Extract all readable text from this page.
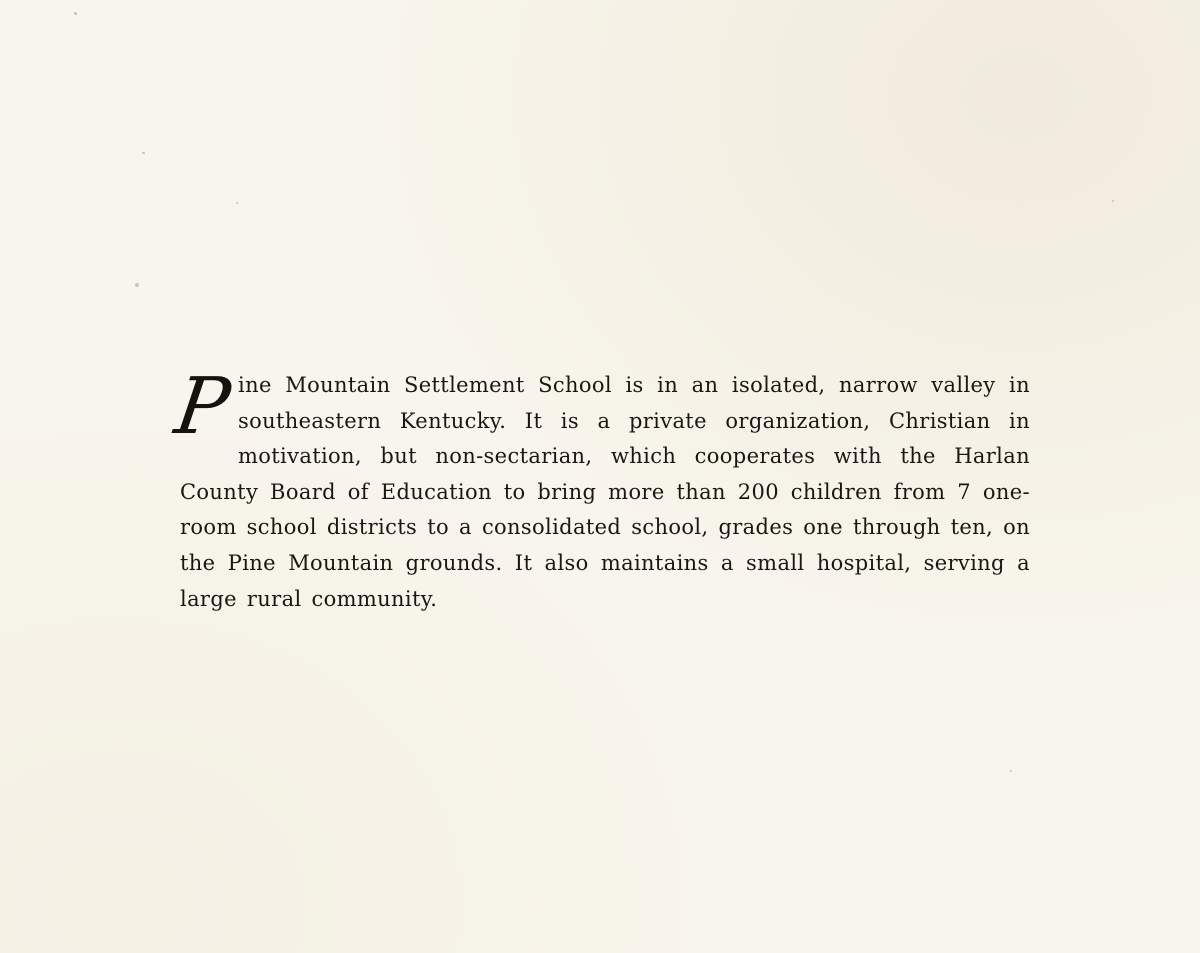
P ine Mountain Settlement School is in an isolated, narrow valley in southeastern Kentucky. It is a private organization, Christian in motivation, but non-sectarian, which cooperates with the Harlan County Board of Education to bring more than 200 children from 7 one-room school districts to a consolidated school, grades one through ten, on the Pine Mountain grounds. It also maintains a small hospital, serving a large rural community.
